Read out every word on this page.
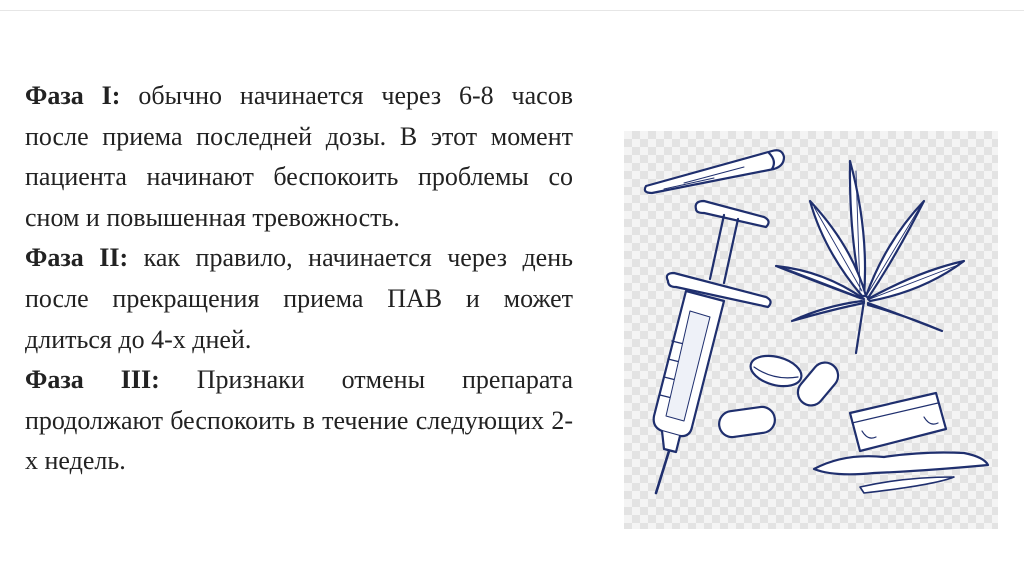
Фаза I: обычно начинается через 6-8 часов после приема последней дозы. В этот момент пациента начинают беспокоить проблемы со сном и повышенная тревожность.

Фаза II: как правило, начинается через день после прекращения приема ПАВ и может длиться до 4-х дней.

Фаза III: Признаки отмены препарата продолжают беспокоить в течение следующих 2-х недель.
